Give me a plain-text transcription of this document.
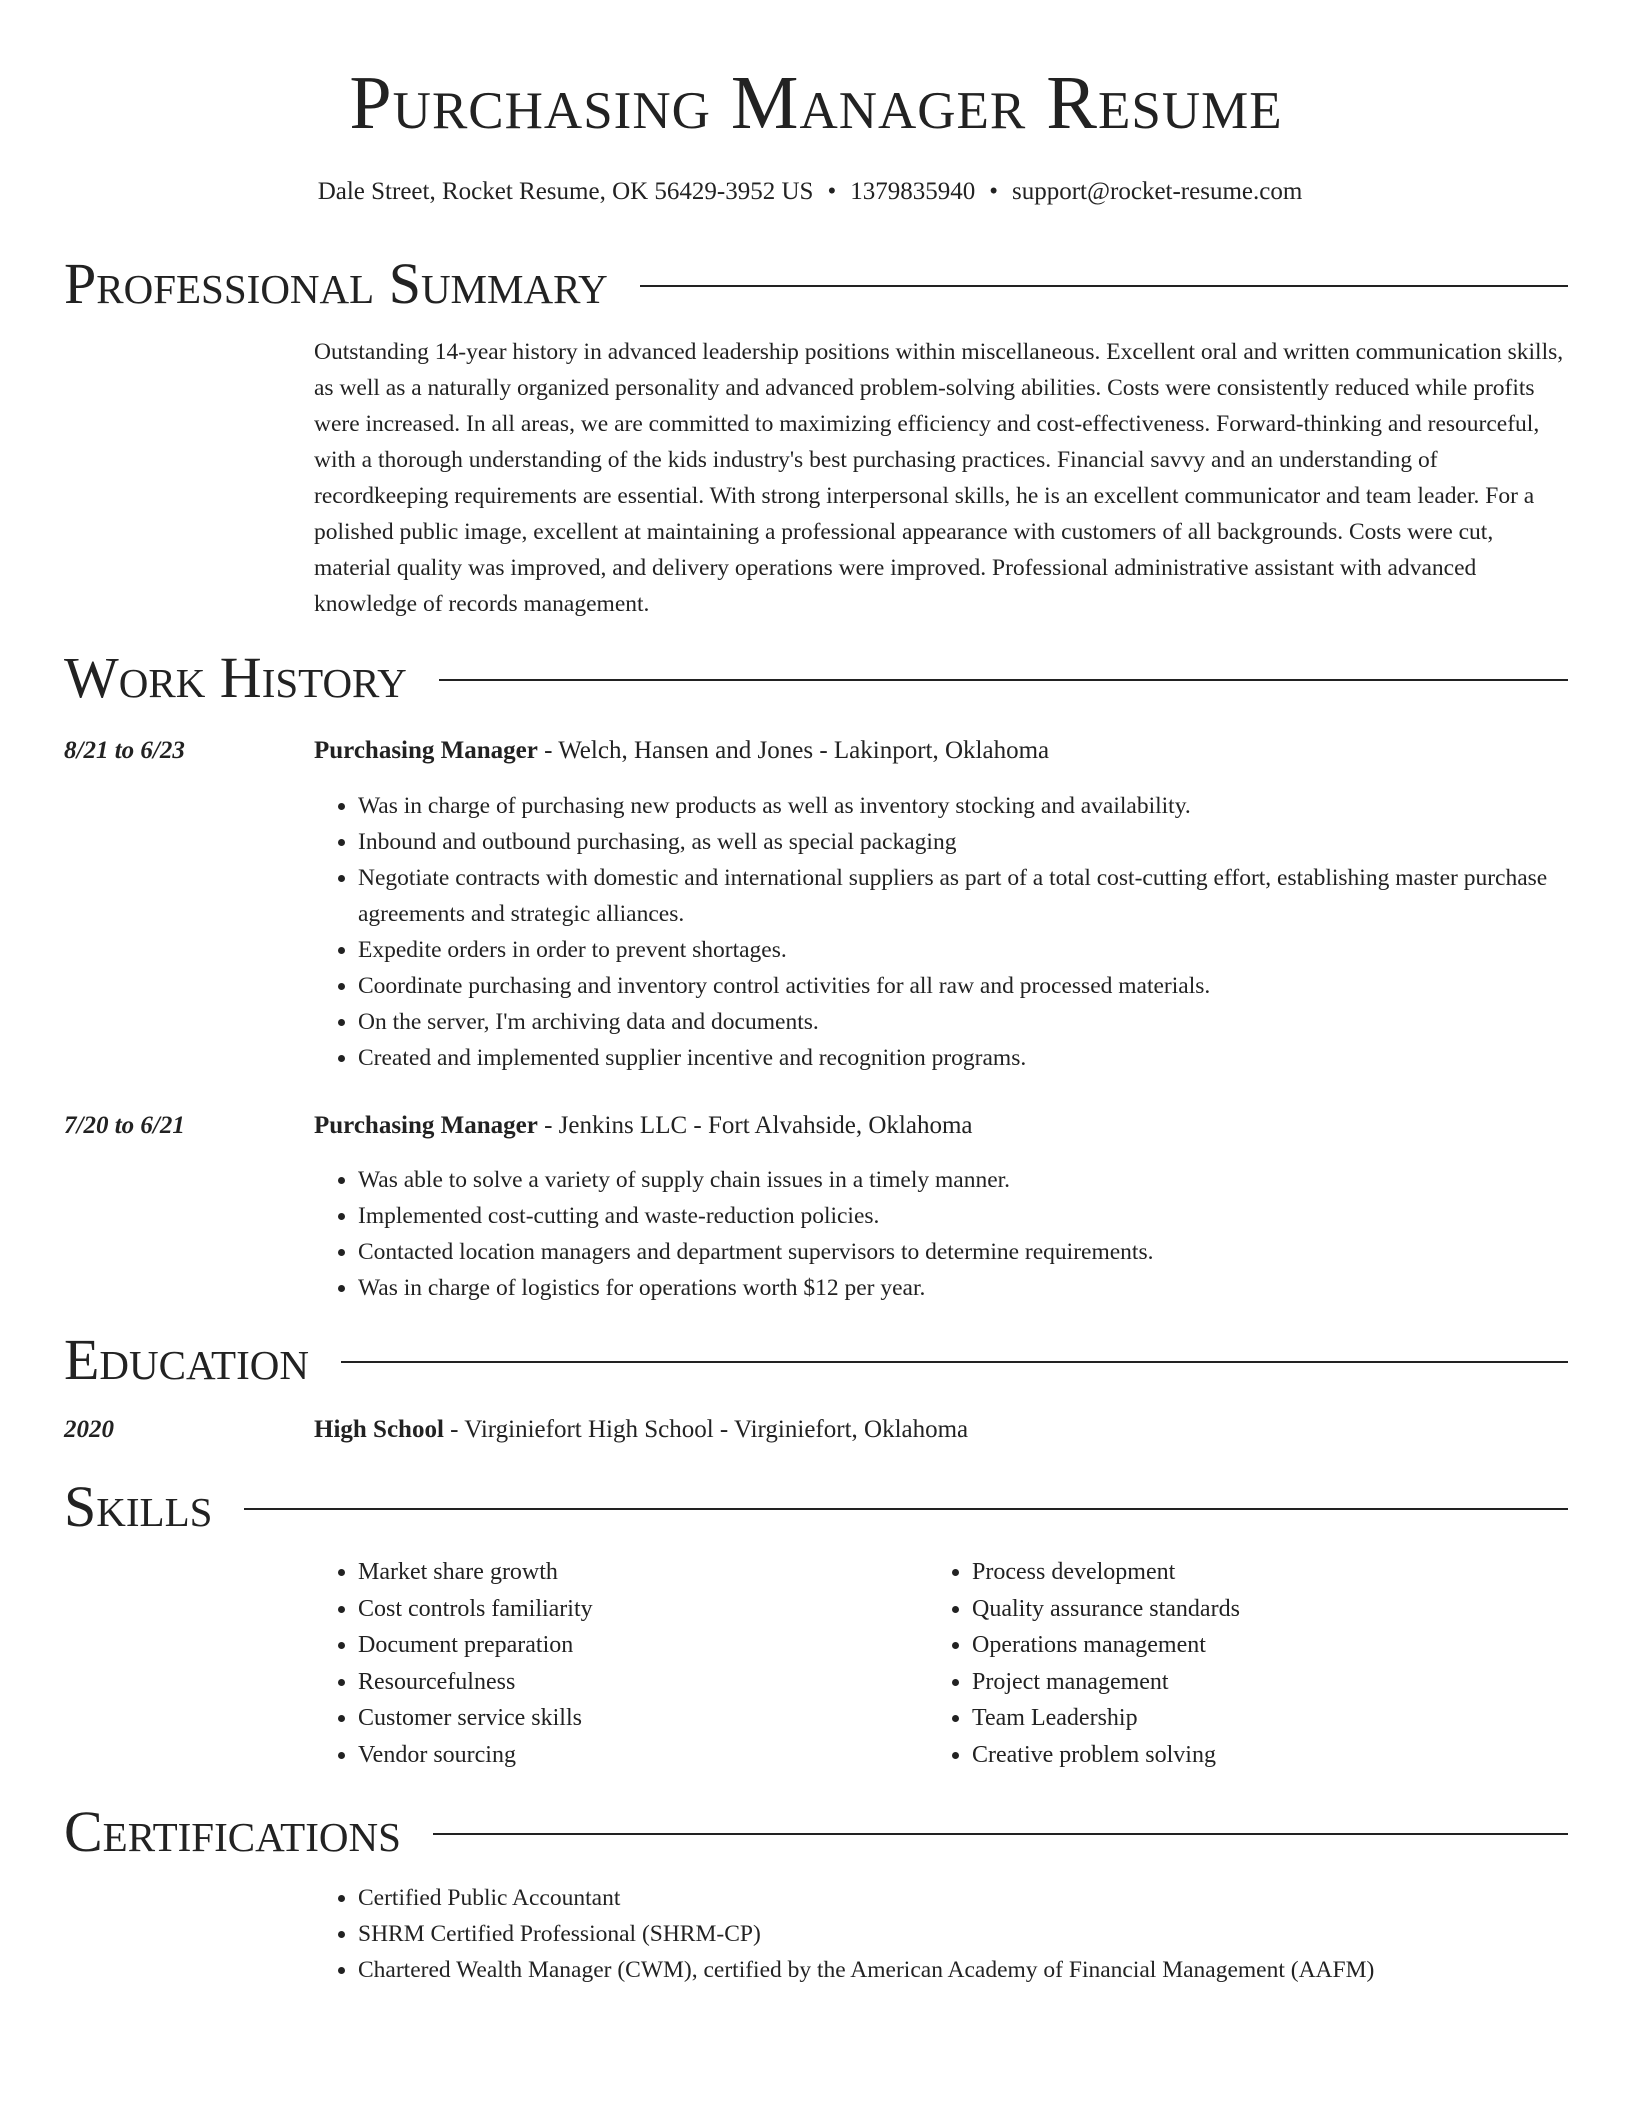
Purchasing Manager Resume
Dale Street, Rocket Resume, OK 56429-3952 US • 1379835940 • support@rocket-resume.com
Professional Summary

Outstanding 14-year history in advanced leadership positions within miscellaneous. Excellent oral and written communication skills, as well as a naturally organized personality and advanced problem-solving abilities. Costs were consistently reduced while profits were increased. In all areas, we are committed to maximizing efficiency and cost-effectiveness. Forward-thinking and resourceful, with a thorough understanding of the kids industry's best purchasing practices. Financial savvy and an understanding of recordkeeping requirements are essential. With strong interpersonal skills, he is an excellent communicator and team leader. For a polished public image, excellent at maintaining a professional appearance with customers of all backgrounds. Costs were cut, material quality was improved, and delivery operations were improved. Professional administrative assistant with advanced knowledge of records management.

Work History
8/21 to 6/23	Purchasing Manager - Welch, Hansen and Jones - Lakinport, Oklahoma
• Was in charge of purchasing new products as well as inventory stocking and availability.
• Inbound and outbound purchasing, as well as special packaging
• Negotiate contracts with domestic and international suppliers as part of a total cost-cutting effort, establishing master purchase agreements and strategic alliances.
• Expedite orders in order to prevent shortages.
• Coordinate purchasing and inventory control activities for all raw and processed materials.
• On the server, I'm archiving data and documents.
• Created and implemented supplier incentive and recognition programs.
7/20 to 6/21	Purchasing Manager - Jenkins LLC - Fort Alvahside, Oklahoma
• Was able to solve a variety of supply chain issues in a timely manner.
• Implemented cost-cutting and waste-reduction policies.
• Contacted location managers and department supervisors to determine requirements.
• Was in charge of logistics for operations worth $12 per year.
Education
2020	High School - Virginiefort High School - Virginiefort, Oklahoma
Skills
• Market share growth
• Cost controls familiarity
• Document preparation
• Resourcefulness
• Customer service skills
• Vendor sourcing
• Process development
• Quality assurance standards
• Operations management
• Project management
• Team Leadership
• Creative problem solving
Certifications
• Certified Public Accountant
• SHRM Certified Professional (SHRM-CP)
• Chartered Wealth Manager (CWM), certified by the American Academy of Financial Management (AAFM)
